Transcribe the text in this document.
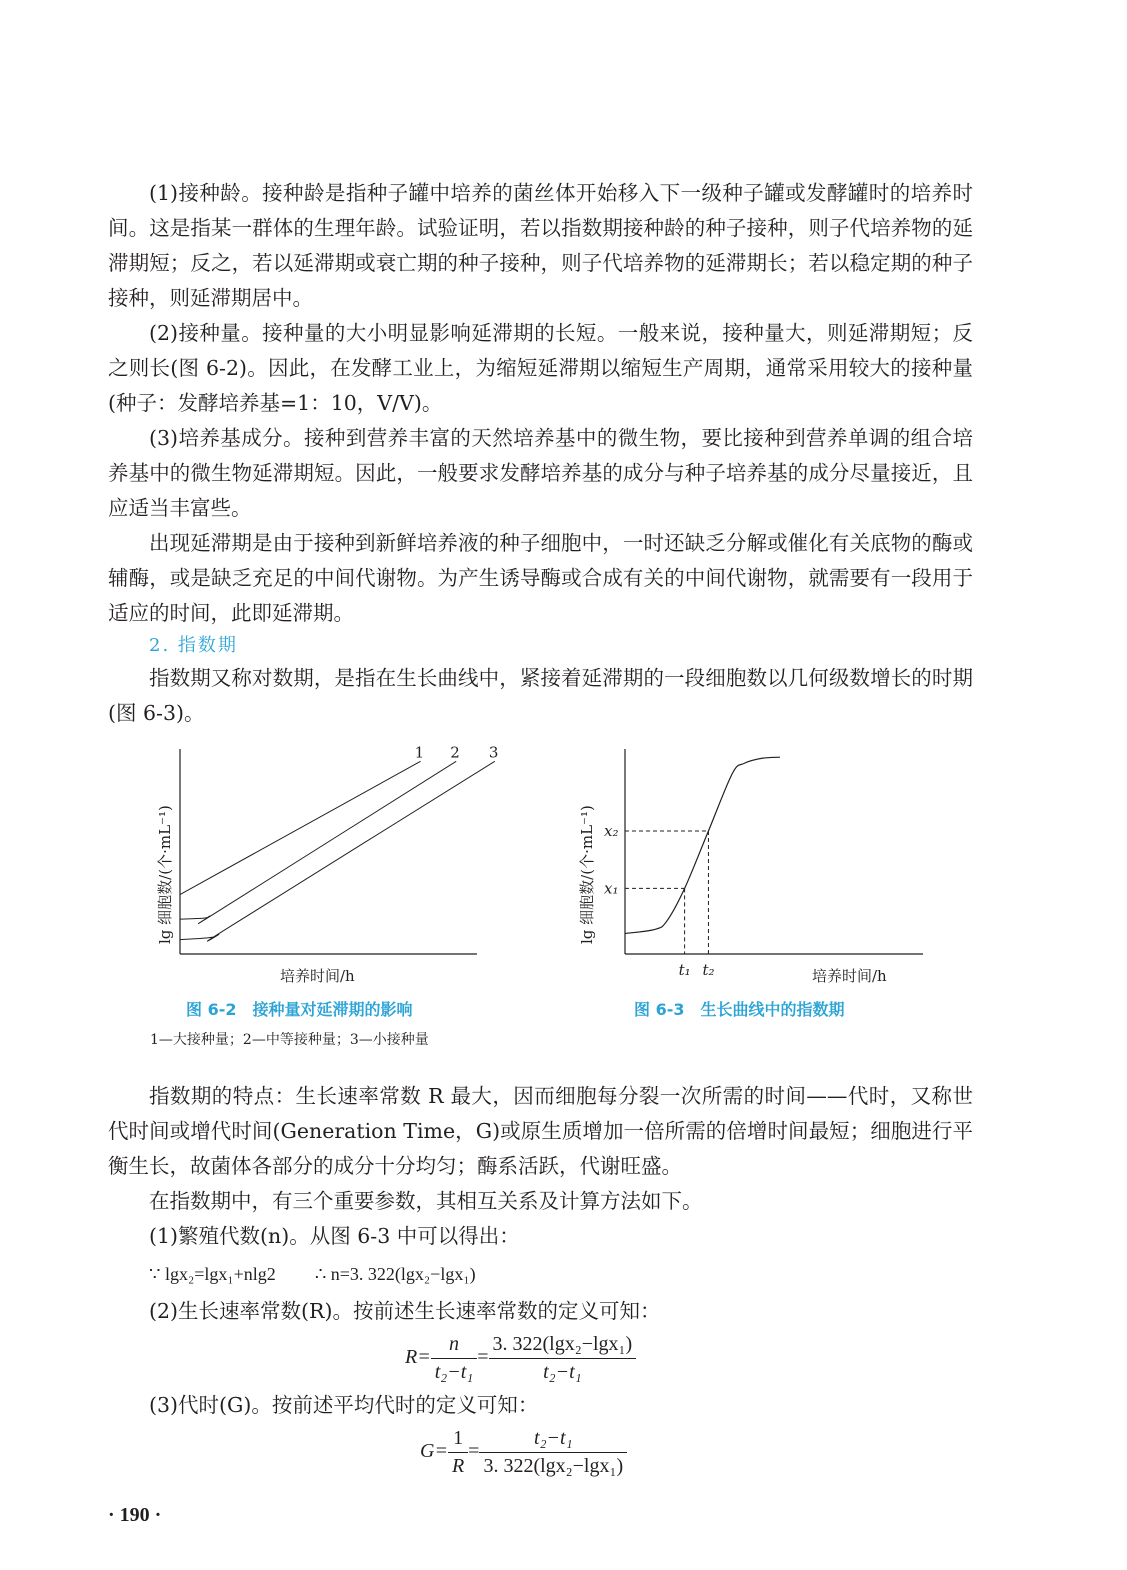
(1)接种龄。接种龄是指种子罐中培养的菌丝体开始移入下一级种子罐或发酵罐时的培养时间。这是指某一群体的生理年龄。试验证明，若以指数期接种龄的种子接种，则子代培养物的延滞期短；反之，若以延滞期或衰亡期的种子接种，则子代培养物的延滞期长；若以稳定期的种子接种，则延滞期居中。

(2)接种量。接种量的大小明显影响延滞期的长短。一般来说，接种量大，则延滞期短；反之则长(图 6-2)。因此，在发酵工业上，为缩短延滞期以缩短生产周期，通常采用较大的接种量(种子：发酵培养基=1：10，V/V)。

(3)培养基成分。接种到营养丰富的天然培养基中的微生物，要比接种到营养单调的组合培养基中的微生物延滞期短。因此，一般要求发酵培养基的成分与种子培养基的成分尽量接近，且应适当丰富些。

出现延滞期是由于接种到新鲜培养液的种子细胞中，一时还缺乏分解或催化有关底物的酶或辅酶，或是缺乏充足的中间代谢物。为产生诱导酶或合成有关的中间代谢物，就需要有一段用于适应的时间，此即延滞期。

2. 指数期

指数期又称对数期，是指在生长曲线中，紧接着延滞期的一段细胞数以几何级数增长的时期(图 6-3)。

lg 细胞数/(个·mL⁻¹)
培养时间/h
1 2 3
lg 细胞数/(个·mL⁻¹)
培养时间/h
t₁
x₁
t₂
x₂
图 6-2　接种量对延滞期的影响
1—大接种量；2—中等接种量；3—小接种量
图 6-3　生长曲线中的指数期

指数期的特点：生长速率常数 R 最大，因而细胞每分裂一次所需的时间——代时，又称世代时间或增代时间(Generation Time，G)或原生质增加一倍所需的倍增时间最短；细胞进行平衡生长，故菌体各部分的成分十分均匀；酶系活跃，代谢旺盛。

在指数期中，有三个重要参数，其相互关系及计算方法如下。

(1)繁殖代数(n)。从图 6-3 中可以得出：

∵ lgx₂=lgx₁+nlg2 ∴ n=3. 322(lgx₂−lgx₁)

(2)生长速率常数(R)。按前述生长速率常数的定义可知：

$R= \frac{n}{\text{t₂−t₁}} = \frac{\text{3. 322(lgx₂−lgx₁)}}{\text{t₂−t₁}}$

(3)代时(G)。按前述平均代时的定义可知：

$G= \frac{1}{R} = \frac{\text{t₂−t₁}}{\text{3. 322(lgx₂−lgx₁)}}$
· 190 ·
